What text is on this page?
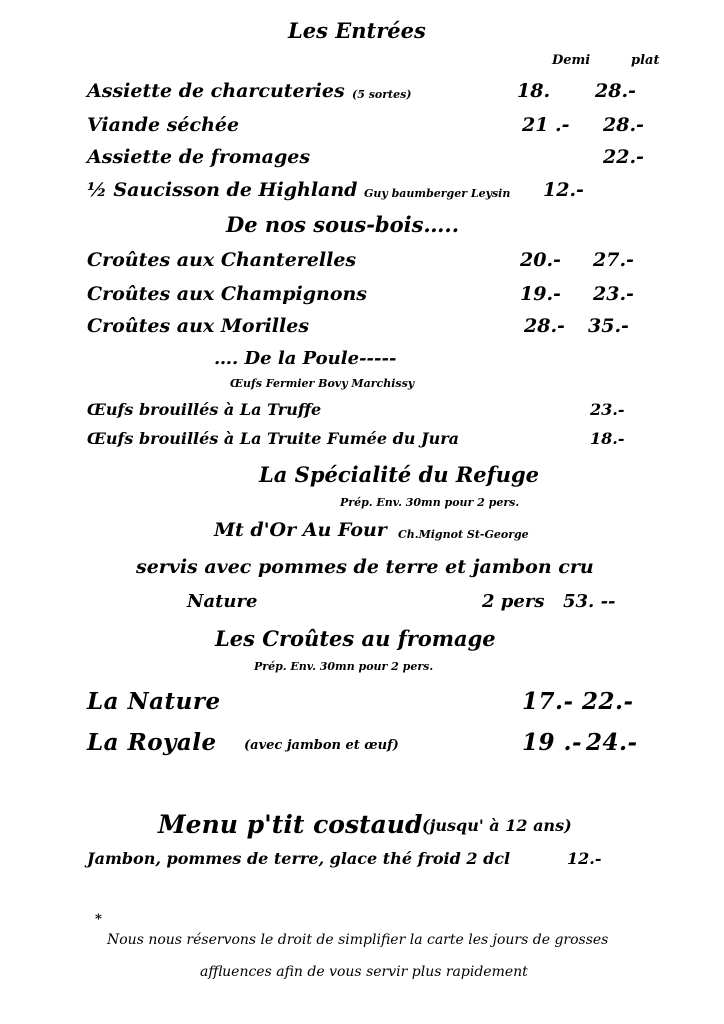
Les Entrées
Demi	plat
Assiette de charcuteries (5 sortes)	18. 28.-
Viande séchée	21 .- 28.-
Assiette de fromages	22.-
½ Saucisson de Highland Guy baumberger Leysin 12.-
De nos sous-bois…..
Croûtes aux Chanterelles	20.- 27.-
Croûtes aux Champignons	19.- 23.-
Croûtes aux Morilles	28.- 35.-
…. De la Poule-----
Œufs Fermier Bovy Marchissy
Œufs brouillés à La Truffe	23.-
Œufs brouillés à La Truite Fumée du Jura	18.-
La Spécialité du Refuge
Prép. Env. 30mn pour 2 pers.
Mt d'Or Au Four Ch.Mignot St-George
servis avec pommes de terre et jambon cru
Nature	2 pers 53. --
Les Croûtes au fromage
Prép. Env. 30mn pour 2 pers.
La Nature	17.- 22.-
La Royale (avec jambon et œuf)	19 .- 24.-
Menu p'tit costaud (jusqu' à 12 ans)
Jambon, pommes de terre, glace thé froid 2 dcl	12.-
*
Nous nous réservons le droit de simplifier la carte les jours de grosses
affluences afin de vous servir plus rapidement
